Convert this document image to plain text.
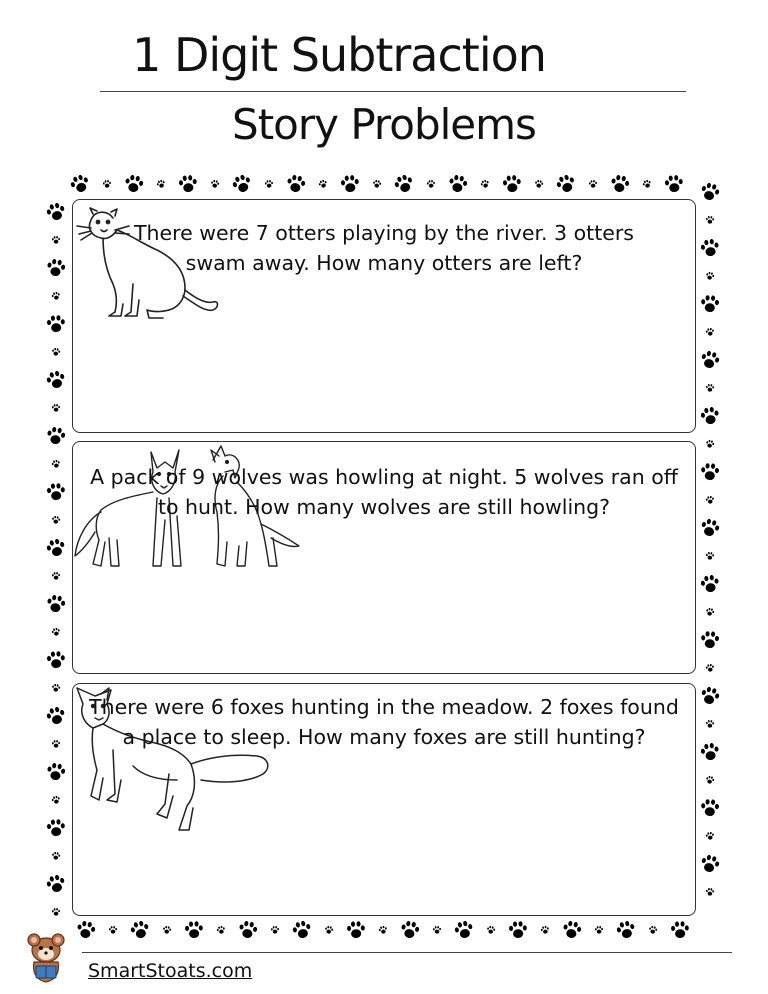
1 Digit Subtraction
Story Problems
There were 7 otters playing by the river. 3 otters swam away. How many otters are left?
A pack of 9 wolves was howling at night. 5 wolves ran off to hunt. How many wolves are still howling?
There were 6 foxes hunting in the meadow. 2 foxes found a place to sleep. How many foxes are still hunting?
SmartStoats.com
